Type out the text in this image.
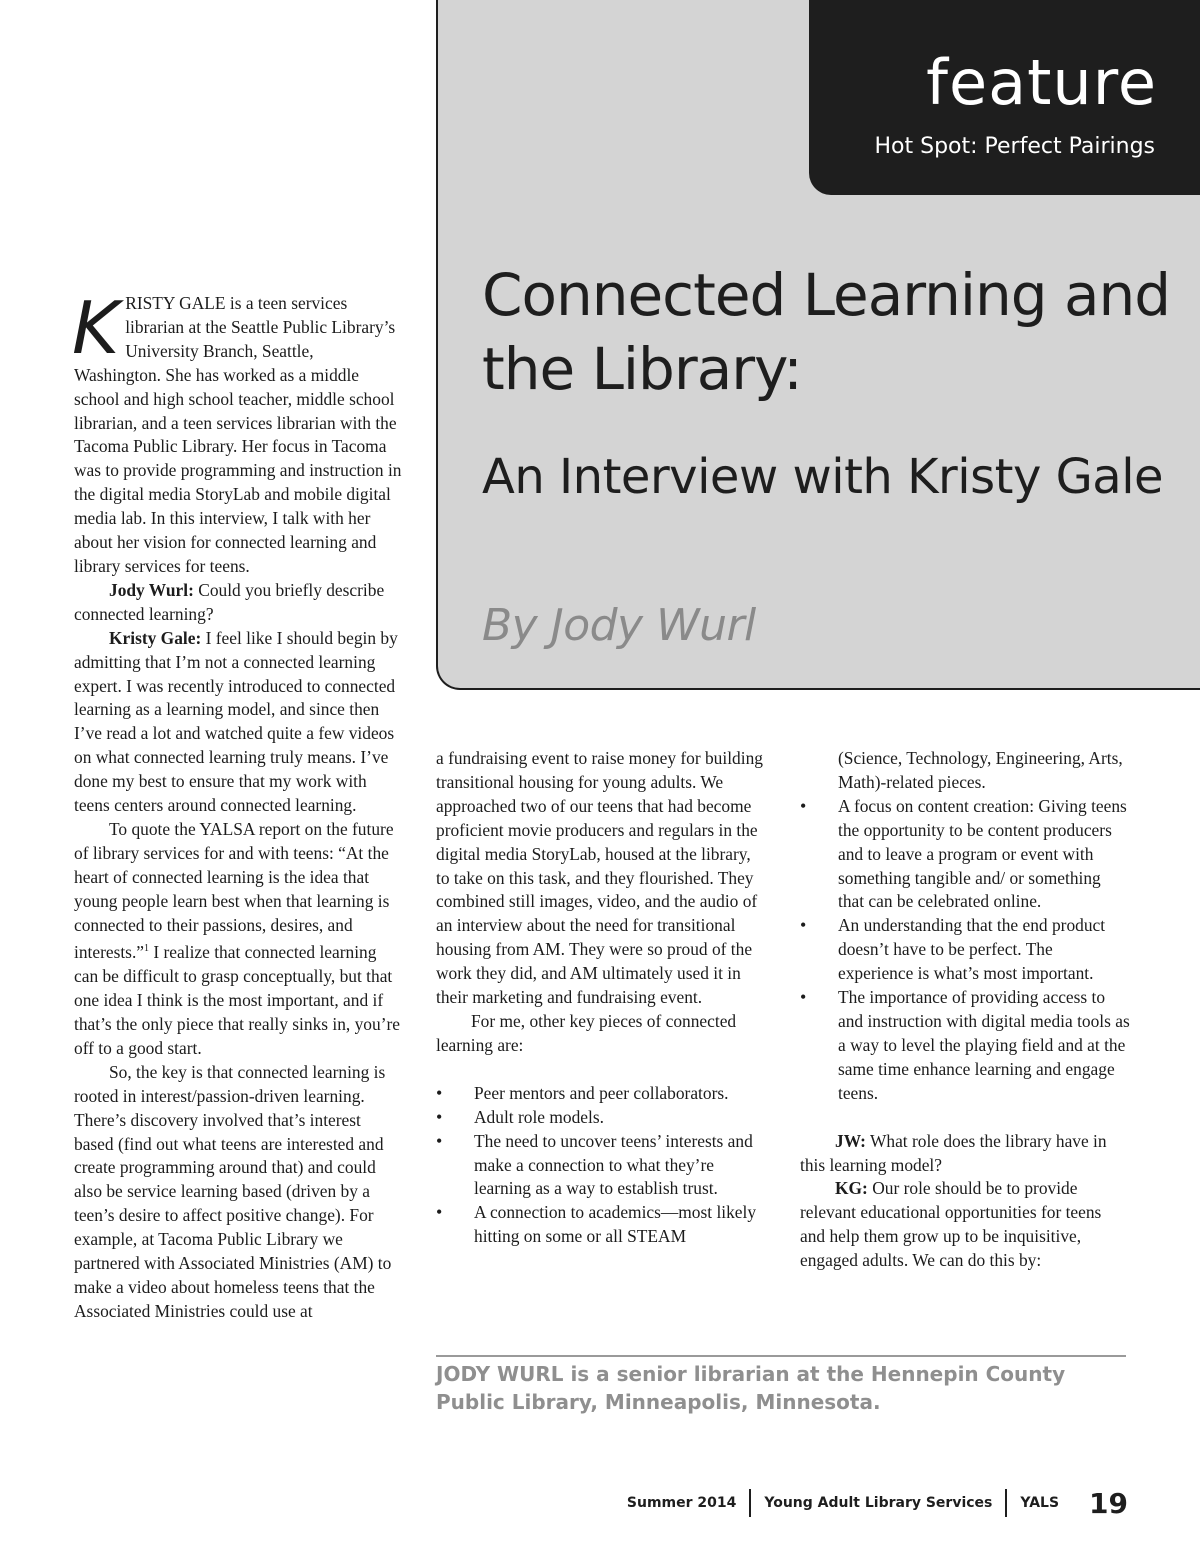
feature
Hot Spot: Perfect Pairings
Connected Learning and the Library:
An Interview with Kristy Gale
By Jody Wurl

KRISTY GALE is a teen services librarian at the Seattle Public Library’s University Branch, Seattle, Washington. She has worked as a middle school and high school teacher, middle school librarian, and a teen services librarian with the Tacoma Public Library. Her focus in Tacoma was to provide programming and instruction in the digital media StoryLab and mobile digital media lab. In this interview, I talk with her about her vision for connected learning and library services for teens.

Jody Wurl: Could you briefly describe connected learning?

Kristy Gale: I feel like I should begin by admitting that I’m not a connected learning expert. I was recently introduced to connected learning as a learning model, and since then I’ve read a lot and watched quite a few videos on what connected learning truly means. I’ve done my best to ensure that my work with teens centers around connected learning.

To quote the YALSA report on the future of library services for and with teens: “At the heart of connected learning is the idea that young people learn best when that learning is connected to their passions, desires, and interests.”$^1$ I realize that connected learning can be difficult to grasp conceptually, but that one idea I think is the most important, and if that’s the only piece that really sinks in, you’re off to a good start.

So, the key is that connected learning is rooted in interest/passion-driven learning. There’s discovery involved that’s interest based (find out what teens are interested and create programming around that) and could also be service learning based (driven by a teen’s desire to affect positive change). For example, at Tacoma Public Library we partnered with Associated Ministries (AM) to make a video about homeless teens that the Associated Ministries could use at

a fundraising event to raise money for building transitional housing for young adults. We approached two of our teens that had become proficient movie producers and regulars in the digital media StoryLab, housed at the library, to take on this task, and they flourished. They combined still images, video, and the audio of an interview about the need for transitional housing from AM. They were so proud of the work they did, and AM ultimately used it in their marketing and fundraising event.

For me, other key pieces of connected learning are:

• Peer mentors and peer collaborators.
• Adult role models.
• The need to uncover teens’ interests and make a connection to what they’re learning as a way to establish trust.
• A connection to academics—most likely hitting on some or all STEAM

(Science, Technology, Engineering, Arts, Math)-related pieces.

• A focus on content creation: Giving teens the opportunity to be content producers and to leave a program or event with something tangible and/ or something that can be celebrated online.
• An understanding that the end product doesn’t have to be perfect. The experience is what’s most important.
• The importance of providing access to and instruction with digital media tools as a way to level the playing field and at the same time enhance learning and engage teens.

JW: What role does the library have in this learning model?

KG: Our role should be to provide relevant educational opportunities for teens and help them grow up to be inquisitive, engaged adults. We can do this by:

JODY WURL is a senior librarian at the Hennepin County Public Library, Minneapolis, Minnesota.
Summer 2014 Young Adult Library Services YALS 19
